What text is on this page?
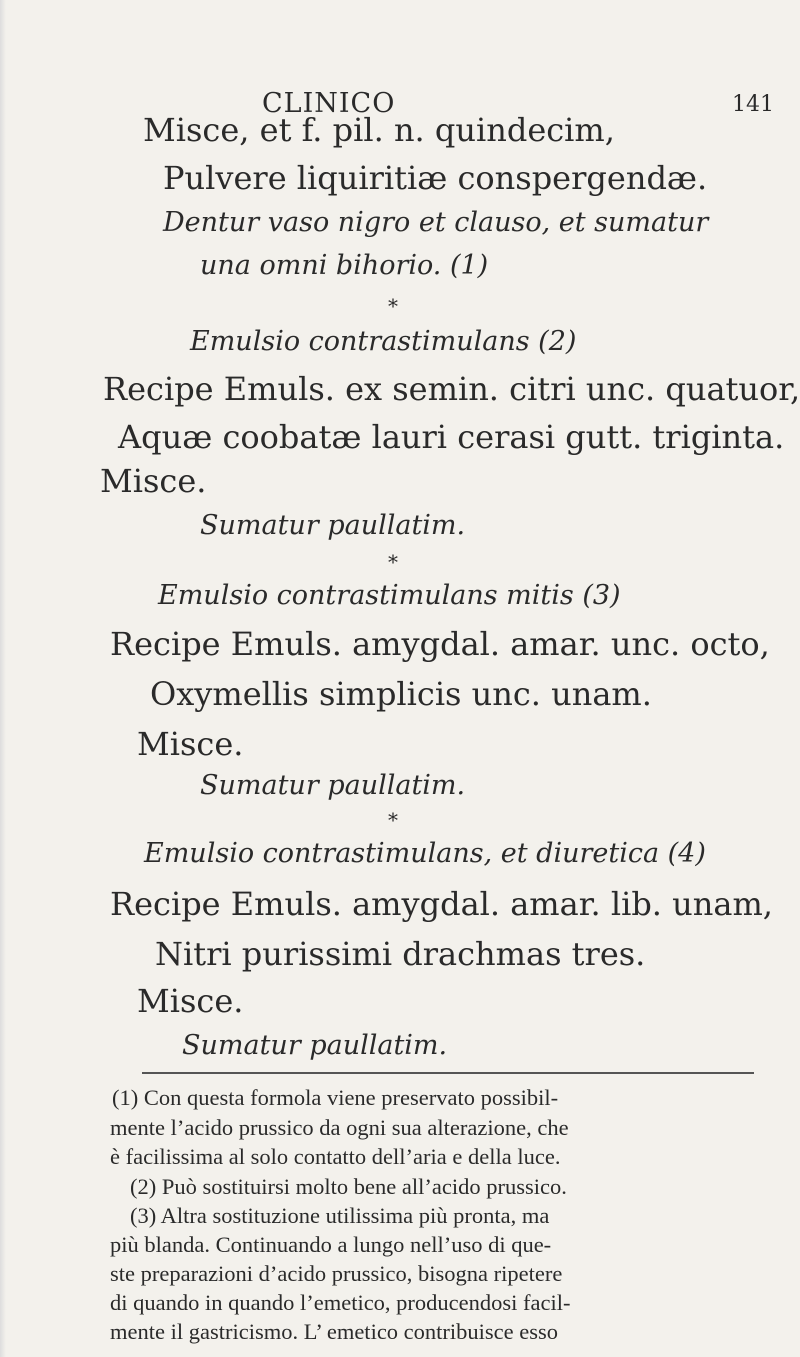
CLINICO	141
Misce, et f. pil. n. quindecim,
Pulvere liquiritiæ conspergendæ.
Dentur vaso nigro et clauso, et sumatur
una omni bihorio. (1)
*
Emulsio contrastimulans (2)
Recipe Emuls. ex semin. citri unc. quatuor,
Aquæ coobatæ lauri cerasi gutt. triginta.
Misce.
Sumatur paullatim.
*
Emulsio contrastimulans mitis (3)
Recipe Emuls. amygdal. amar. unc. octo,
Oxymellis simplicis unc. unam.
Misce.
Sumatur paullatim.
*
Emulsio contrastimulans, et diuretica (4)
Recipe Emuls. amygdal. amar. lib. unam,
Nitri purissimi drachmas tres.
Misce.
Sumatur paullatim.
(1) Con questa formola viene preservato possibil-
mente l’acido prussico da ogni sua alterazione, che
è facilissima al solo contatto dell’aria e della luce.
(2) Può sostituirsi molto bene all’acido prussico.
(3) Altra sostituzione utilissima più pronta, ma
più blanda. Continuando a lungo nell’uso di que-
ste preparazioni d’acido prussico, bisogna ripetere
di quando in quando l’emetico, producendosi facil-
mente il gastricismo. L’ emetico contribuisce esso
